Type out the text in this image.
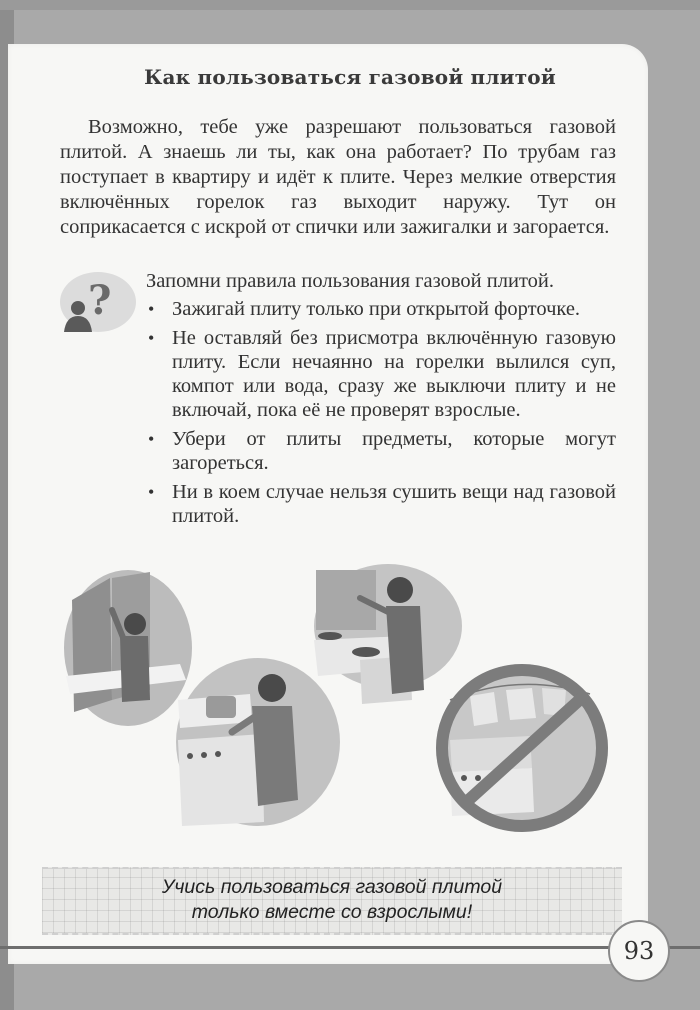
Как пользоваться газовой плитой

Возможно, тебе уже разрешают пользоваться газовой плитой. А знаешь ли ты, как она работает? По трубам газ поступает в квартиру и идёт к плите. Через мелкие отверстия включённых горелок газ выходит наружу. Тут он соприкасается с искрой от спички или зажигалки и загорается.

? Запомни правила пользования газовой плитой.
• Зажигай плиту только при открытой форточке.
• Не оставляй без присмотра включённую газовую плиту. Если нечаянно на горелки вылился суп, компот или вода, сразу же выключи плиту и не включай, пока её не проверят взрослые.
• Убери от плиты предметы, которые могут загореться.
• Ни в коем случае нельзя сушить вещи над газовой плитой.
Учись пользоваться газовой плитой
только вместе со взрослыми!
93
